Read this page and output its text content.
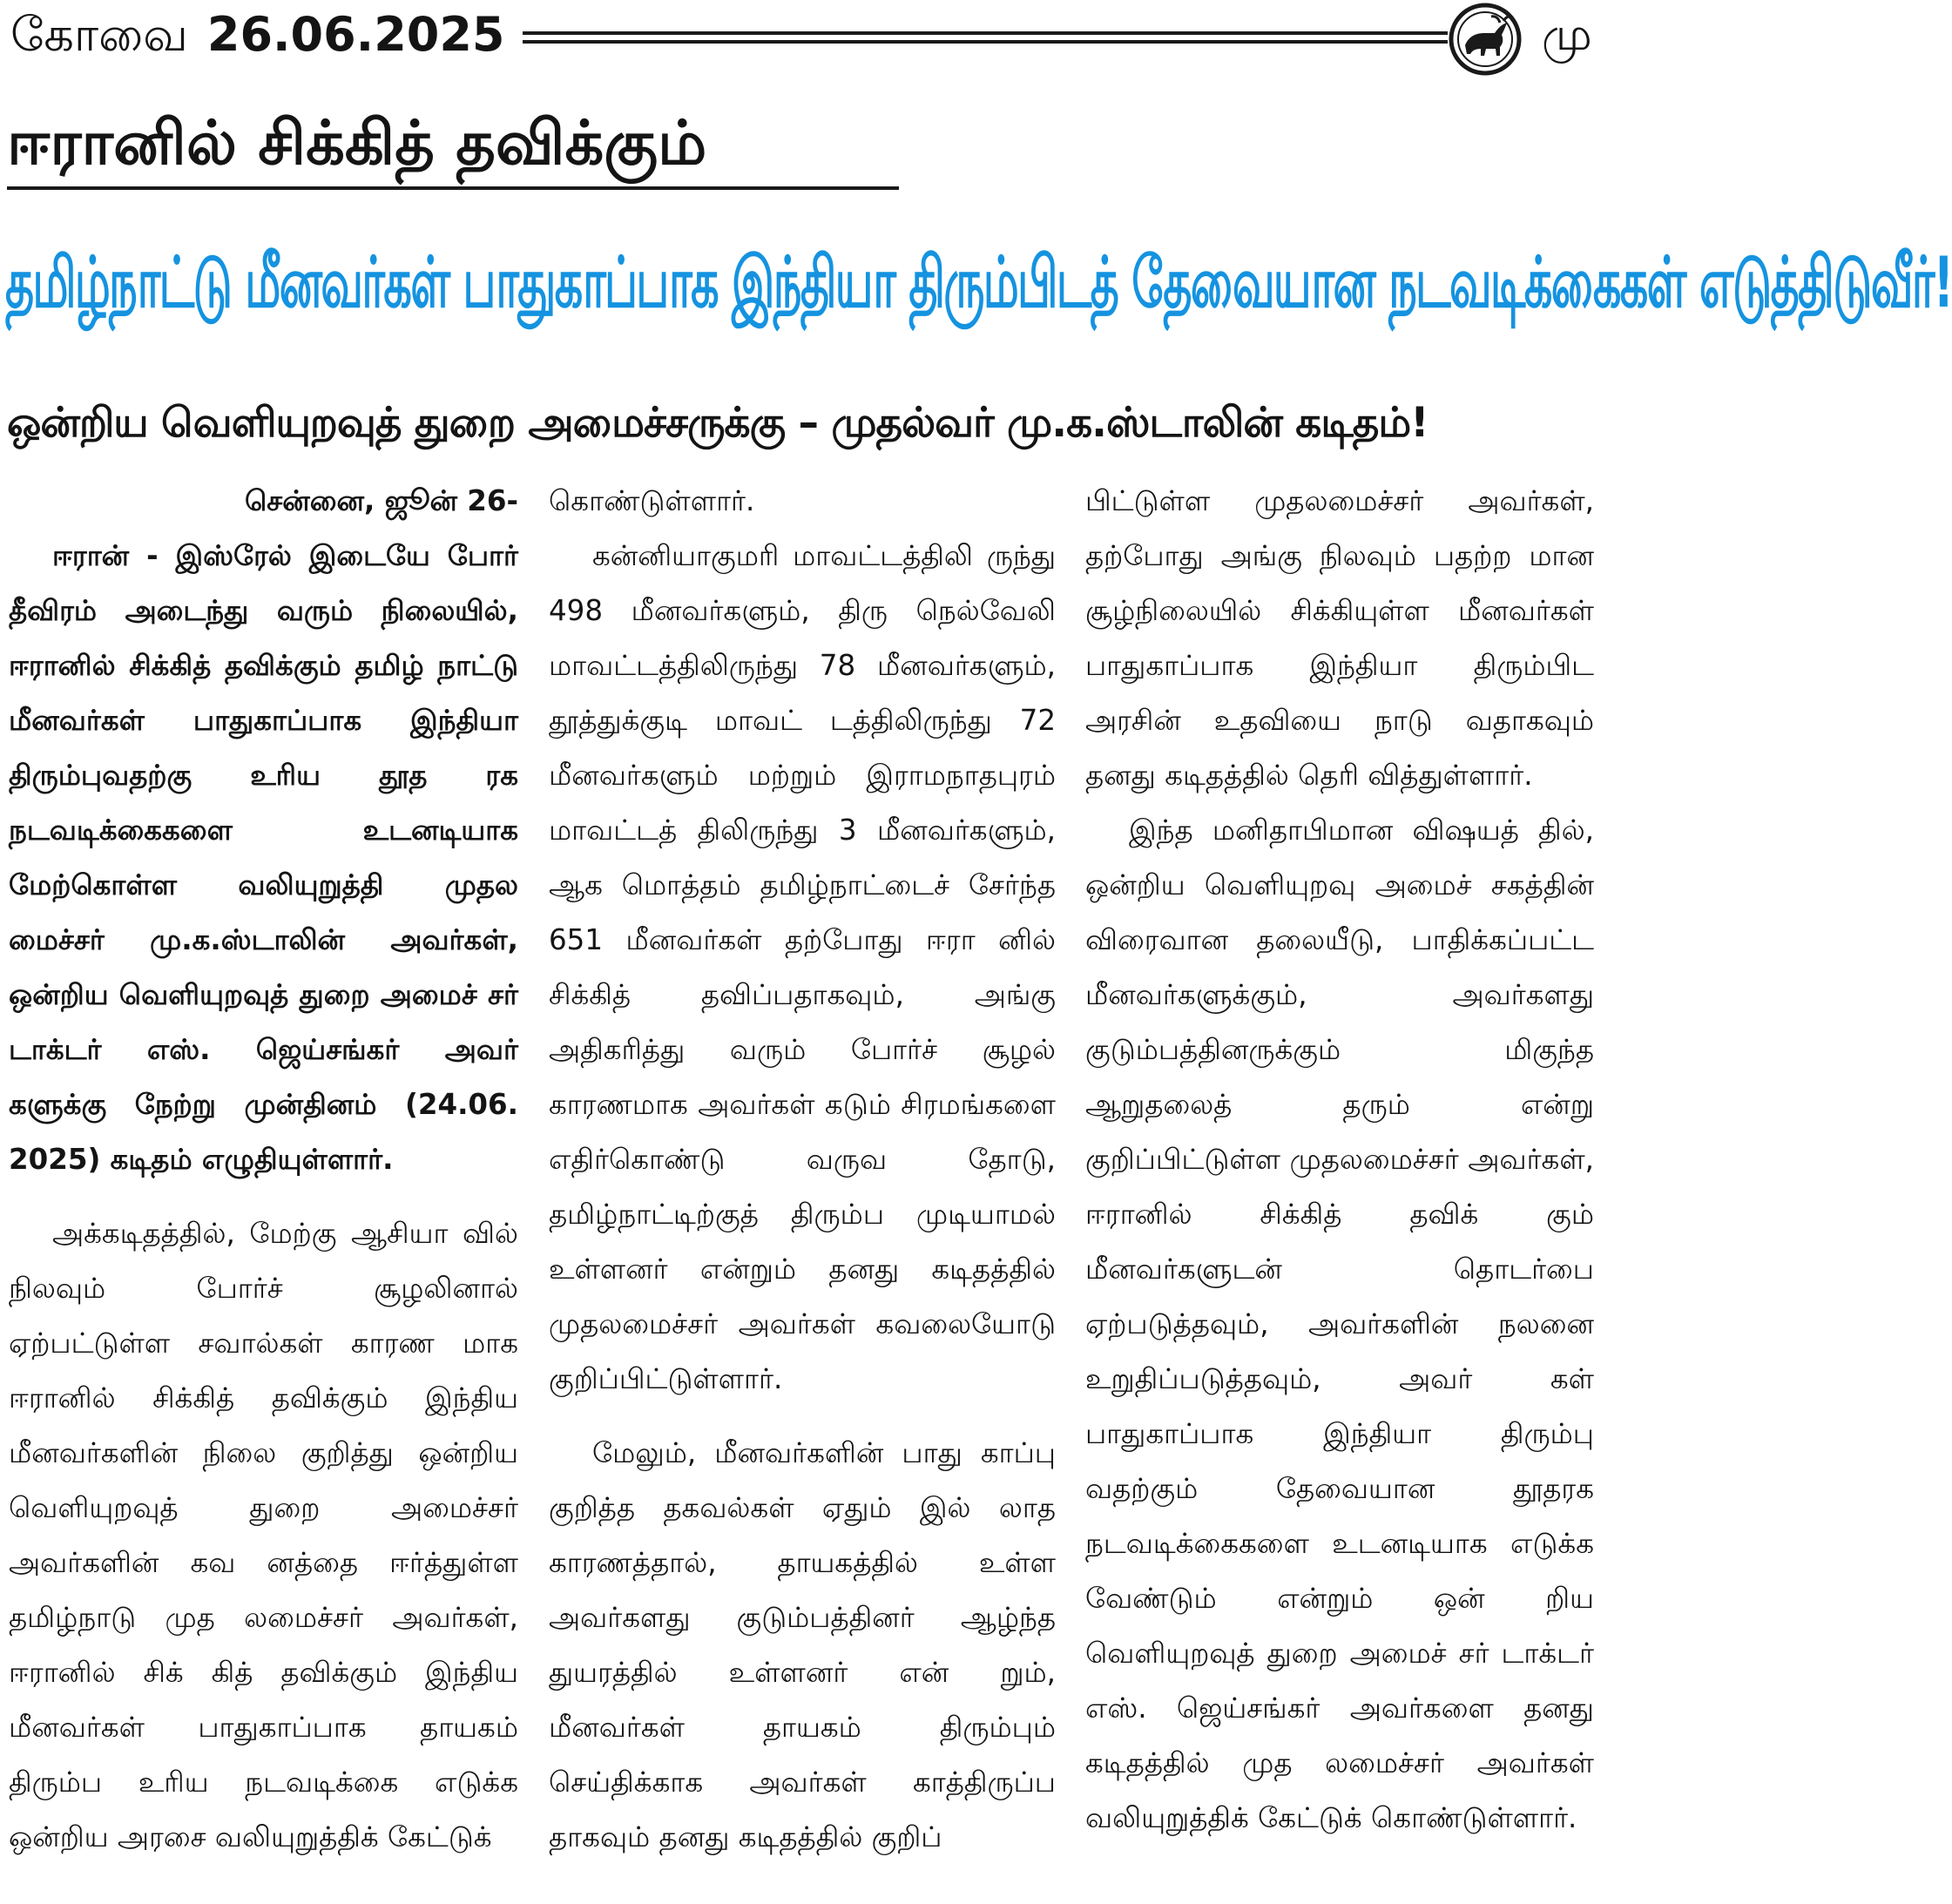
கோவை 26.06.2025	மு
ஈரானில் சிக்கித் தவிக்கும்
தமிழ்நாட்டு மீனவர்கள் பாதுகாப்பாக இந்தியா திரும்பிடத் தேவையான நடவடிக்கைகள் எடுத்திடுவீர்!
ஒன்றிய வெளியுறவுத் துறை அமைச்சருக்கு – முதல்வர் மு.க.ஸ்டாலின் கடிதம்!

சென்னை, ஜூன் 26-

ஈரான் - இஸ்ரேல் இடையே போர் தீவிரம் அடைந்து வரும் நிலையில், ஈரானில் சிக்கித் தவிக்கும் தமிழ் நாட்டு மீனவர்கள் பாதுகாப்பாக இந்தியா திரும்புவதற்கு உரிய தூத ரக நடவடிக்கைகளை உடனடியாக மேற்கொள்ள வலியுறுத்தி முதல மைச்சர் மு.க.ஸ்டாலின் அவர்கள், ஒன்றிய வெளியுறவுத் துறை அமைச் சர் டாக்டர் எஸ். ஜெய்சங்கர் அவர் களுக்கு நேற்று முன்தினம் (24.06. 2025) கடிதம் எழுதியுள்ளார்.

அக்கடிதத்தில், மேற்கு ஆசியா வில் நிலவும் போர்ச் சூழலினால் ஏற்பட்டுள்ள சவால்கள் காரண மாக ஈரானில் சிக்கித் தவிக்கும் இந்திய மீனவர்களின் நிலை குறித்து ஒன்றிய வெளியுறவுத் துறை அமைச்சர் அவர்களின் கவ னத்தை ஈர்த்துள்ள தமிழ்நாடு முத லமைச்சர் அவர்கள், ஈரானில் சிக் கித் தவிக்கும் இந்திய மீனவர்கள் பாதுகாப்பாக தாயகம் திரும்ப உரிய நடவடிக்கை எடுக்க ஒன்றிய அரசை வலியுறுத்திக் கேட்டுக்

கொண்டுள்ளார்.

கன்னியாகுமரி மாவட்டத்திலி ருந்து 498 மீனவர்களும், திரு நெல்வேலி மாவட்டத்திலிருந்து 78 மீனவர்களும், தூத்துக்குடி மாவட் டத்திலிருந்து 72 மீனவர்களும் மற்றும் இராமநாதபுரம் மாவட்டத் திலிருந்து 3 மீனவர்களும், ஆக மொத்தம் தமிழ்நாட்டைச் சேர்ந்த 651 மீனவர்கள் தற்போது ஈரா னில் சிக்கித் தவிப்பதாகவும், அங்கு அதிகரித்து வரும் போர்ச் சூழல் காரணமாக அவர்கள் கடும் சிரமங்களை எதிர்கொண்டு வருவ தோடு, தமிழ்நாட்டிற்குத் திரும்ப முடியாமல் உள்ளனர் என்றும் தனது கடிதத்தில் முதலமைச்சர் அவர்கள் கவலையோடு குறிப்பிட்டுள்ளார்.

மேலும், மீனவர்களின் பாது காப்பு குறித்த தகவல்கள் ஏதும் இல் லாத காரணத்தால், தாயகத்தில் உள்ள அவர்களது குடும்பத்தினர் ஆழ்ந்த துயரத்தில் உள்ளனர் என் றும், மீனவர்கள் தாயகம் திரும்பும் செய்திக்காக அவர்கள் காத்திருப்ப தாகவும் தனது கடிதத்தில் குறிப்

பிட்டுள்ள முதலமைச்சர் அவர்கள், தற்போது அங்கு நிலவும் பதற்ற மான சூழ்நிலையில் சிக்கியுள்ள மீனவர்கள் பாதுகாப்பாக இந்தியா திரும்பிட அரசின் உதவியை நாடு வதாகவும் தனது கடிதத்தில் தெரி வித்துள்ளார்.

இந்த மனிதாபிமான விஷயத் தில், ஒன்றிய வெளியுறவு அமைச் சகத்தின் விரைவான தலையீடு, பாதிக்கப்பட்ட மீனவர்களுக்கும், அவர்களது குடும்பத்தினருக்கும் மிகுந்த ஆறுதலைத் தரும் என்று குறிப்பிட்டுள்ள முதலமைச்சர் அவர்கள், ஈரானில் சிக்கித் தவிக் கும் மீனவர்களுடன் தொடர்பை ஏற்படுத்தவும், அவர்களின் நலனை உறுதிப்படுத்தவும், அவர் கள் பாதுகாப்பாக இந்தியா திரும்பு வதற்கும் தேவையான தூதரக நடவடிக்கைகளை உடனடியாக எடுக்க வேண்டும் என்றும் ஒன் றிய வெளியுறவுத் துறை அமைச் சர் டாக்டர் எஸ். ஜெய்சங்கர் அவர்களை தனது கடிதத்தில் முத லமைச்சர் அவர்கள் வலியுறுத்திக் கேட்டுக் கொண்டுள்ளார்.
